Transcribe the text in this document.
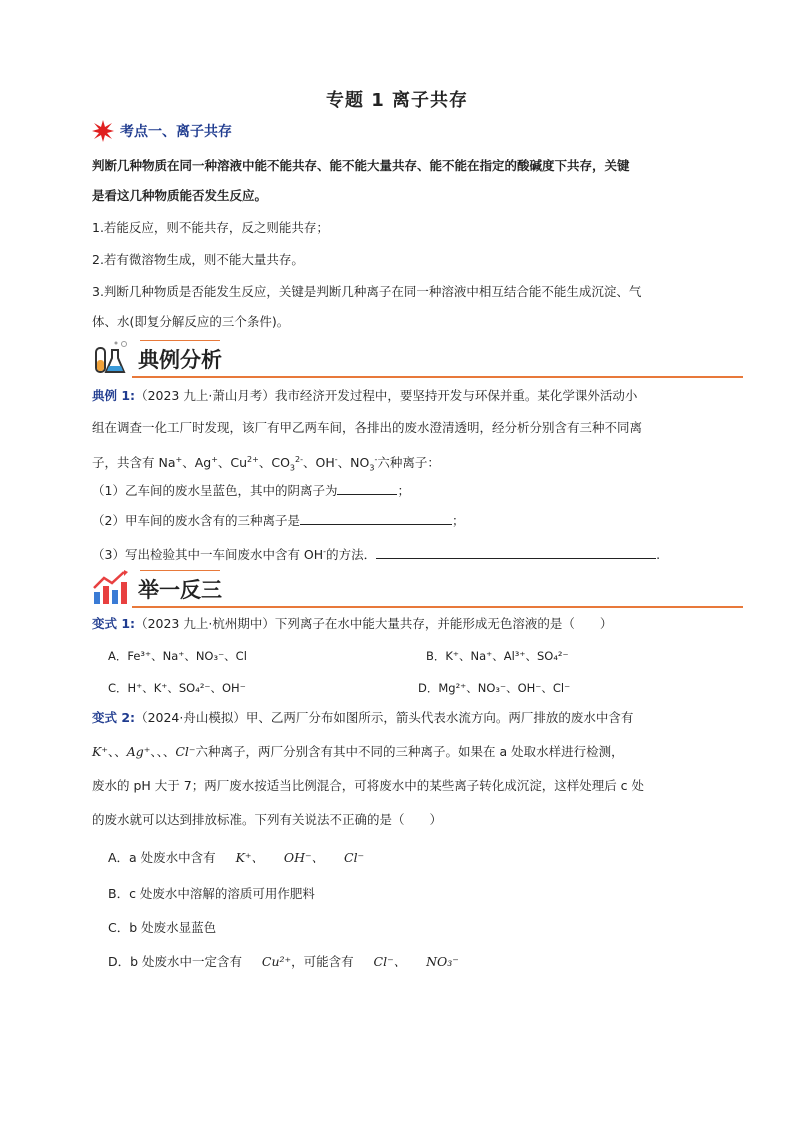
专题 1 离子共存
考点一、离子共存
判断几种物质在同一种溶液中能不能共存、能不能大量共存、能不能在指定的酸碱度下共存，关键
是看这几种物质能否发生反应。
1.若能反应，则不能共存，反之则能共存；
2.若有微溶物生成，则不能大量共存。
3.判断几种物质是否能发生反应，关键是判断几种离子在同一种溶液中相互结合能不能生成沉淀、气
体、水(即复分解反应的三个条件)。
典例分析
典例 1:（2023 九上·萧山月考）我市经济开发过程中，要坚持开发与环保并重。某化学课外活动小
组在调查一化工厂时发现，该厂有甲乙两车间，各排出的废水澄清透明，经分析分别含有三种不同离
子，共含有 Na+、Ag+、$Cu^{2+}$、$CO_3^{2-}$、OH-、$NO_3^-$六种离子：
（1）乙车间的废水呈蓝色，其中的阴离子为	；
（2）甲车间的废水含有的三种离子是	；
（3）写出检验其中一车间废水中含有 OH-的方法．	.
举一反三
变式 1:（2023 九上·杭州期中）下列离子在水中能大量共存，并能形成无色溶液的是（　　）
A．Fe³⁺、Na⁺、NO₃⁻、Cl	B．K⁺、Na⁺、Al³⁺、SO₄²⁻
C．H⁺、K⁺、SO₄²⁻、OH⁻	D．Mg²⁺、NO₃⁻、OH⁻、Cl⁻
变式 2:（2024·舟山模拟）甲、乙两厂分布如图所示，箭头代表水流方向。两厂排放的废水中含有
K⁺、、Ag⁺、、、Cl⁻六种离子，两厂分别含有其中不同的三种离子。如果在 a 处取水样进行检测，
废水的 pH 大于 7；两厂废水按适当比例混合，可将废水中的某些离子转化成沉淀，这样处理后 c 处
的废水就可以达到排放标准。下列有关说法不正确的是（　　）
A．a 处废水中含有 K⁺、 OH⁻、 Cl⁻
B．c 处废水中溶解的溶质可用作肥料
C．b 处废水显蓝色
D．b 处废水中一定含有 Cu²⁺，可能含有 Cl⁻、 NO₃⁻
